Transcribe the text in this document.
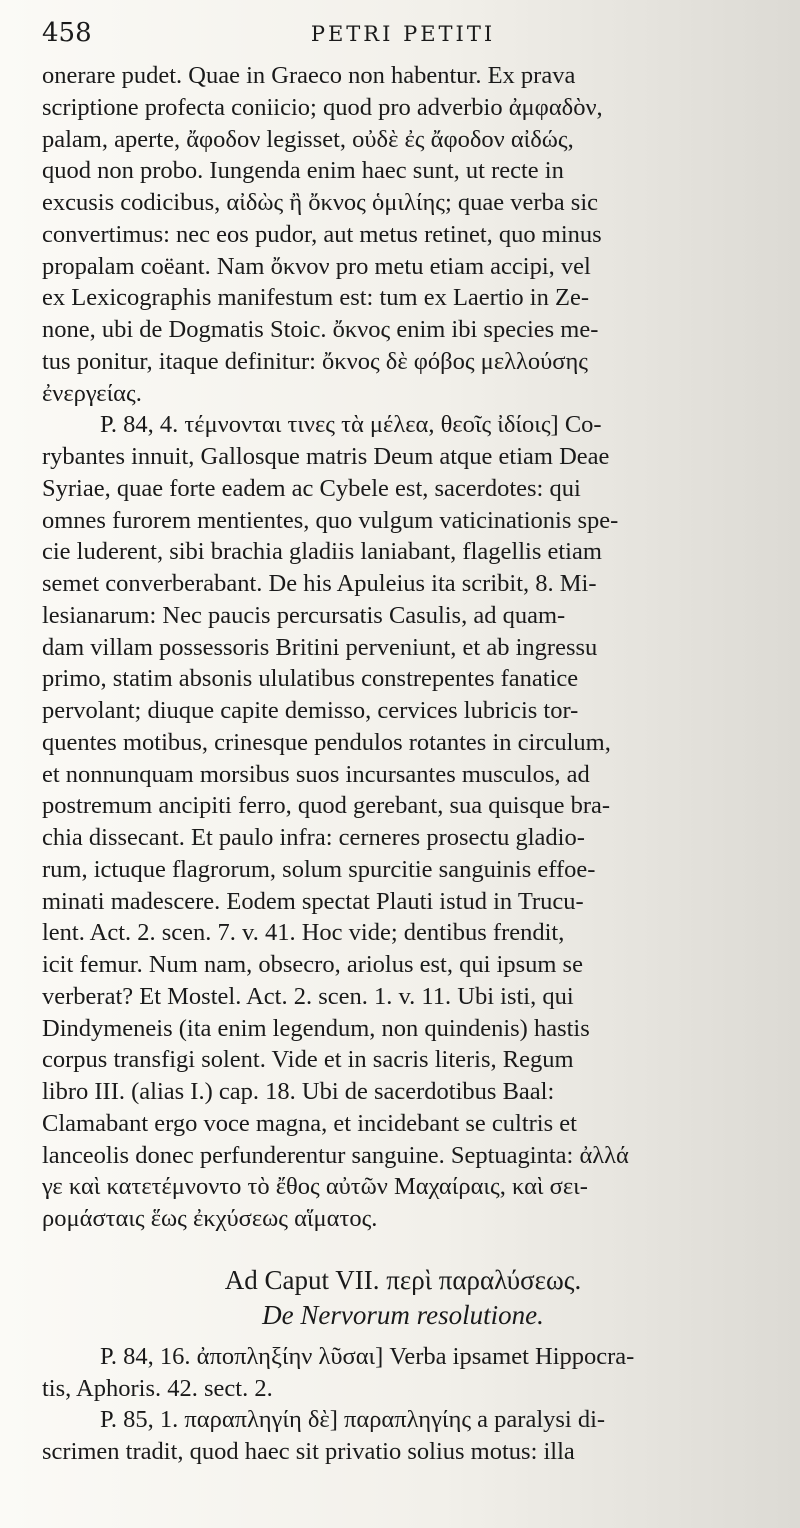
458	PETRI PETITI
onerare pudet. Quae in Graeco non habentur. Ex prava
scriptione profecta coniicio; quod pro adverbio ἀμφαδὸν,
palam, aperte, ἄφοδον legisset, οὐδὲ ἐς ἄφοδον αἰδώς,
quod non probo. Iungenda enim haec sunt, ut recte in
excusis codicibus, αἰδὼς ἢ ὄκνος ὁμιλίης; quae verba sic
convertimus: nec eos pudor, aut metus retinet, quo minus
propalam coëant. Nam ὄκνον pro metu etiam accipi, vel
ex Lexicographis manifestum est: tum ex Laertio in Ze-
none, ubi de Dogmatis Stoic. ὄκνος enim ibi species me-
tus ponitur, itaque definitur: ὄκνος δὲ φόβος μελλούσης
ἐνεργείας.
P. 84, 4. τέμνονται τινες τὰ μέλεα, θεοῖς ἰδίοις] Co-
rybantes innuit, Gallosque matris Deum atque etiam Deae
Syriae, quae forte eadem ac Cybele est, sacerdotes: qui
omnes furorem mentientes, quo vulgum vaticinationis spe-
cie luderent, sibi brachia gladiis laniabant, flagellis etiam
semet converberabant. De his Apuleius ita scribit, 8. Mi-
lesianarum: Nec paucis percursatis Casulis, ad quam-
dam villam possessoris Britini perveniunt, et ab ingressu
primo, statim absonis ululatibus constrepentes fanatice
pervolant; diuque capite demisso, cervices lubricis tor-
quentes motibus, crinesque pendulos rotantes in circulum,
et nonnunquam morsibus suos incursantes musculos, ad
postremum ancipiti ferro, quod gerebant, sua quisque bra-
chia dissecant. Et paulo infra: cerneres prosectu gladio-
rum, ictuque flagrorum, solum spurcitie sanguinis effoe-
minati madescere. Eodem spectat Plauti istud in Trucu-
lent. Act. 2. scen. 7. v. 41. Hoc vide; dentibus frendit,
icit femur. Num nam, obsecro, ariolus est, qui ipsum se
verberat? Et Mostel. Act. 2. scen. 1. v. 11. Ubi isti, qui
Dindymeneis (ita enim legendum, non quindenis) hastis
corpus transfigi solent. Vide et in sacris literis, Regum
libro III. (alias I.) cap. 18. Ubi de sacerdotibus Baal:
Clamabant ergo voce magna, et incidebant se cultris et
lanceolis donec perfunderentur sanguine. Septuaginta: ἀλλά
γε καὶ κατετέμνοντο τὸ ἔθος αὐτῶν Μαχαίραις, καὶ σει-
ρομάσταις ἕως ἐκχύσεως αἵματος.
Ad Caput VII. περὶ παραλύσεως.
De Nervorum resolutione.
P. 84, 16. ἀποπληξίην λῦσαι] Verba ipsamet Hippocra-
tis, Aphoris. 42. sect. 2.
P. 85, 1. παραπληγίη δὲ] παραπληγίης a paralysi di-
scrimen tradit, quod haec sit privatio solius motus: illa
